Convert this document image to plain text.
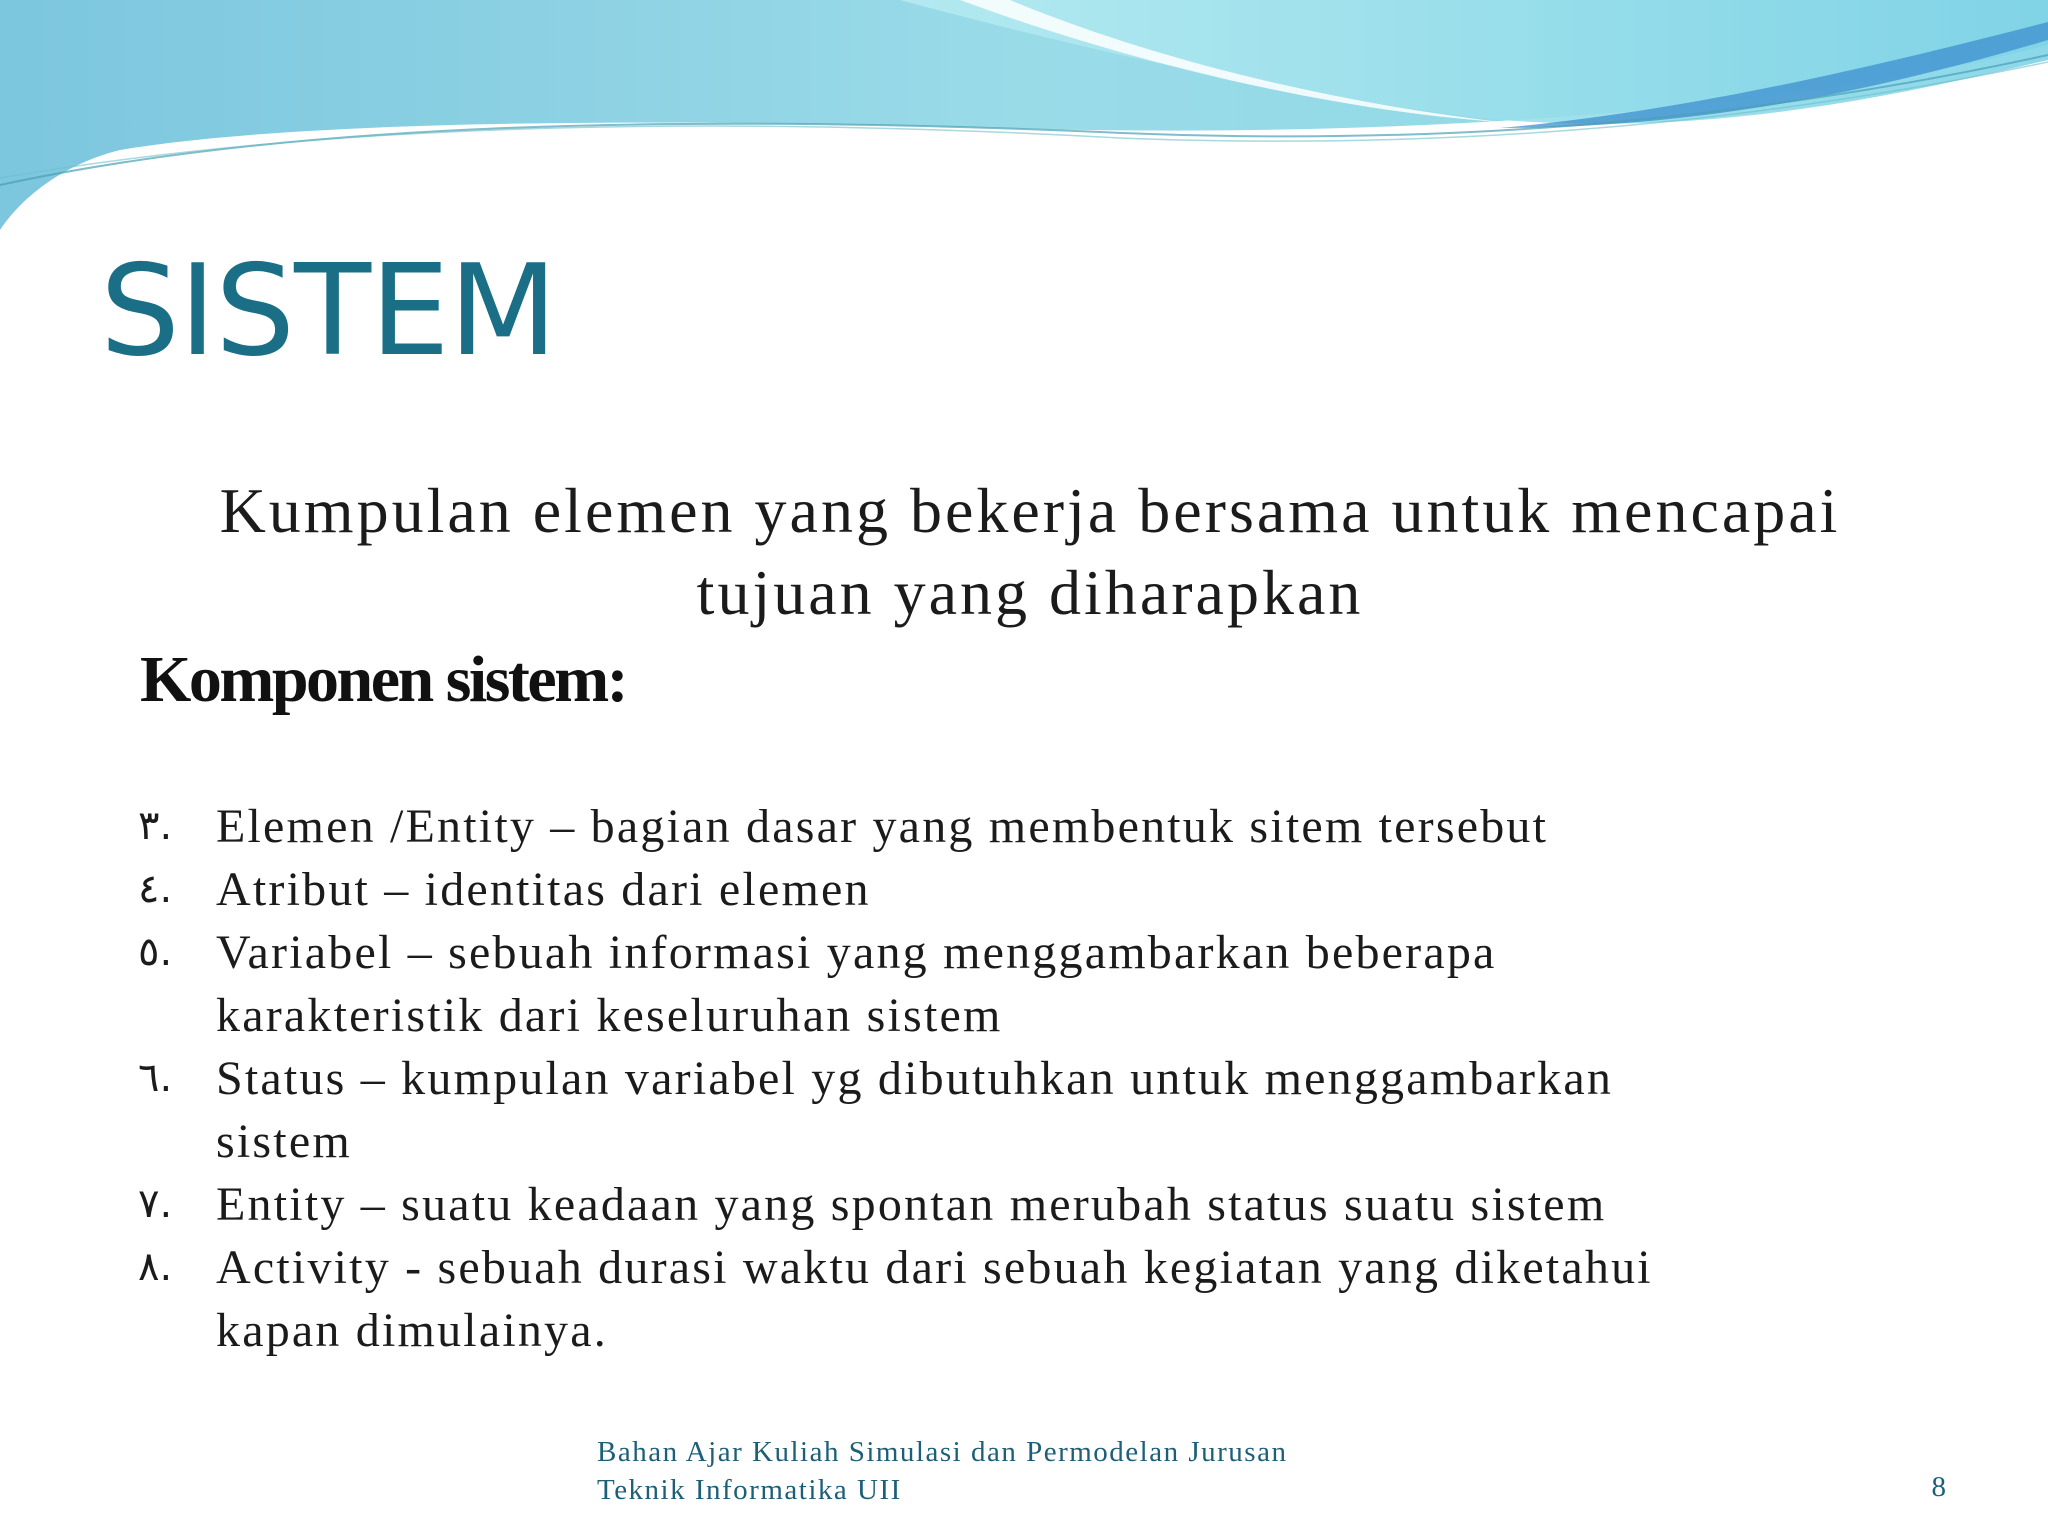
SISTEM
Kumpulan elemen yang bekerja bersama untuk mencapai
tujuan yang diharapkan
Komponen sistem:
٣. Elemen /Entity – bagian dasar yang membentuk sitem tersebut
٤. Atribut – identitas dari elemen
٥. Variabel – sebuah informasi yang menggambarkan beberapa
karakteristik dari keseluruhan sistem
٦. Status – kumpulan variabel yg dibutuhkan untuk menggambarkan
sistem
٧. Entity – suatu keadaan yang spontan merubah status suatu sistem
٨. Activity - sebuah durasi waktu dari sebuah kegiatan yang diketahui
kapan dimulainya.
Bahan Ajar Kuliah Simulasi dan Permodelan Jurusan
Teknik Informatika UII	8
